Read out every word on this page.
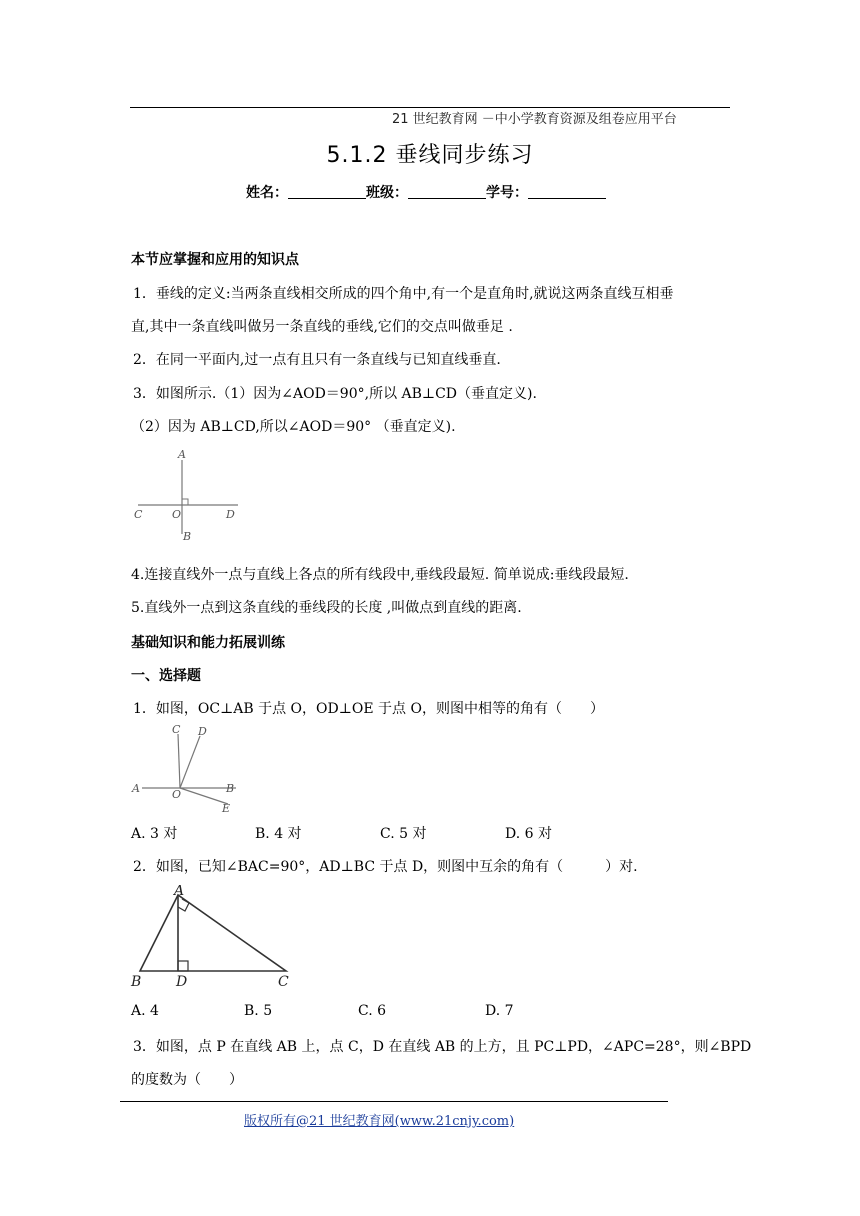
21 世纪教育网 －中小学教育资源及组卷应用平台
5.1.2 垂线同步练习
姓名：	班级：	学号：
本节应掌握和应用的知识点
1．垂线的定义:当两条直线相交所成的四个角中,有一个是直角时,就说这两条直线互相垂
直,其中一条直线叫做另一条直线的垂线,它们的交点叫做垂足 .
2．在同一平面内,过一点有且只有一条直线与已知直线垂直.
3．如图所示.（1）因为∠AOD＝90°,所以 AB⊥CD（垂直定义).
（2）因为 AB⊥CD,所以∠AOD＝90° （垂直定义).
A
C	O	D
B
4.连接直线外一点与直线上各点的所有线段中,垂线段最短. 简单说成:垂线段最短.
5.直线外一点到这条直线的垂线段的长度 ,叫做点到直线的距离.
基础知识和能力拓展训练
一、选择题
1．如图，OC⊥AB 于点 O，OD⊥OE 于点 O，则图中相等的角有（　　）
C D
A	O	B
E
A. 3 对	B. 4 对	C. 5 对	D. 6 对
2．如图，已知∠BAC=90°，AD⊥BC 于点 D，则图中互余的角有（　　　）对.
A
B D	C
A. 4	B. 5	C. 6	D. 7
3．如图，点 P 在直线 AB 上，点 C，D 在直线 AB 的上方，且 PC⊥PD，∠APC=28°，则∠BPD
的度数为（　　）
版权所有@21 世纪教育网(www.21cnjy.com)
